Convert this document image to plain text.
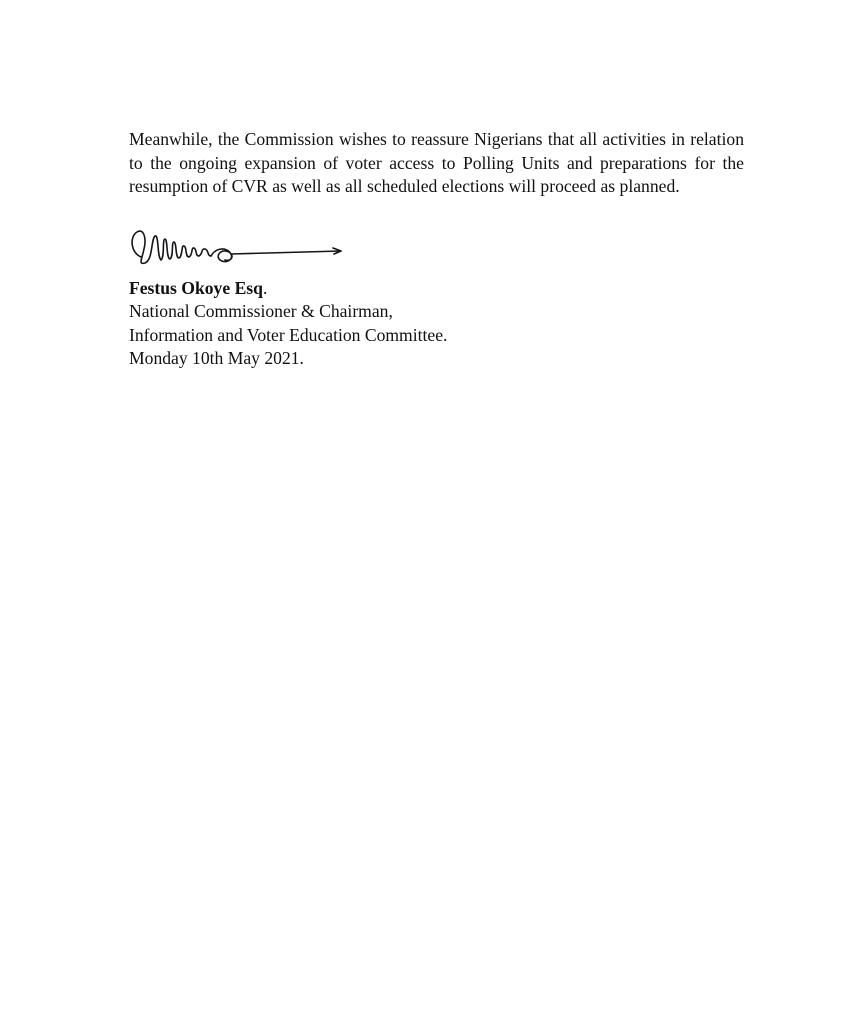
Meanwhile, the Commission wishes to reassure Nigerians that all activities in relation to the ongoing expansion of voter access to Polling Units and preparations for the resumption of CVR as well as all scheduled elections will proceed as planned.

Festus Okoye Esq.
National Commissioner & Chairman,
Information and Voter Education Committee.
Monday 10th May 2021.
